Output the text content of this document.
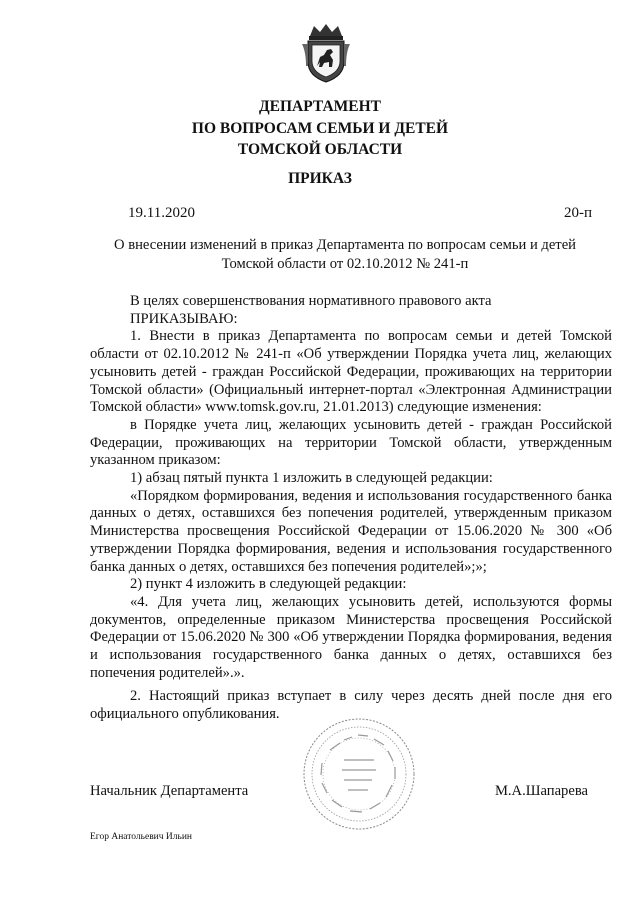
ДЕПАРТАМЕНТ
ПО ВОПРОСАМ СЕМЬИ И ДЕТЕЙ
ТОМСКОЙ ОБЛАСТИ
ПРИКАЗ
19.11.2020	20-п
О внесении изменений в приказ Департамента по вопросам семьи и детей
Томской области от 02.10.2012 № 241-п

В целях совершенствования нормативного правового акта

ПРИКАЗЫВАЮ:

1. Внести в приказ Департамента по вопросам семьи и детей Томской области от 02.10.2012 № 241-п «Об утверждении Порядка учета лиц, желающих усыновить детей - граждан Российской Федерации, проживающих на территории Томской области» (Официальный интернет-портал «Электронная Администрации Томской области» www.tomsk.gov.ru, 21.01.2013) следующие изменения:

в Порядке учета лиц, желающих усыновить детей - граждан Российской Федерации, проживающих на территории Томской области, утвержденным указанном приказом:

1) абзац пятый пункта 1 изложить в следующей редакции:

«Порядком формирования, ведения и использования государственного банка данных о детях, оставшихся без попечения родителей, утвержденным приказом Министерства просвещения Российской Федерации от 15.06.2020 № 300 «Об утверждении Порядка формирования, ведения и использования государственного банка данных о детях, оставшихся без попечения родителей»;»;

2) пункт 4 изложить в следующей редакции:

«4. Для учета лиц, желающих усыновить детей, используются формы документов, определенные приказом Министерства просвещения Российской Федерации от 15.06.2020 № 300 «Об утверждении Порядка формирования, ведения и использования государственного банка данных о детях, оставшихся без попечения родителей».».

2. Настоящий приказ вступает в силу через десять дней после дня его официального опубликования.

Начальник Департамента	М.А.Шапарева
Егор Анатольевич Ильин
